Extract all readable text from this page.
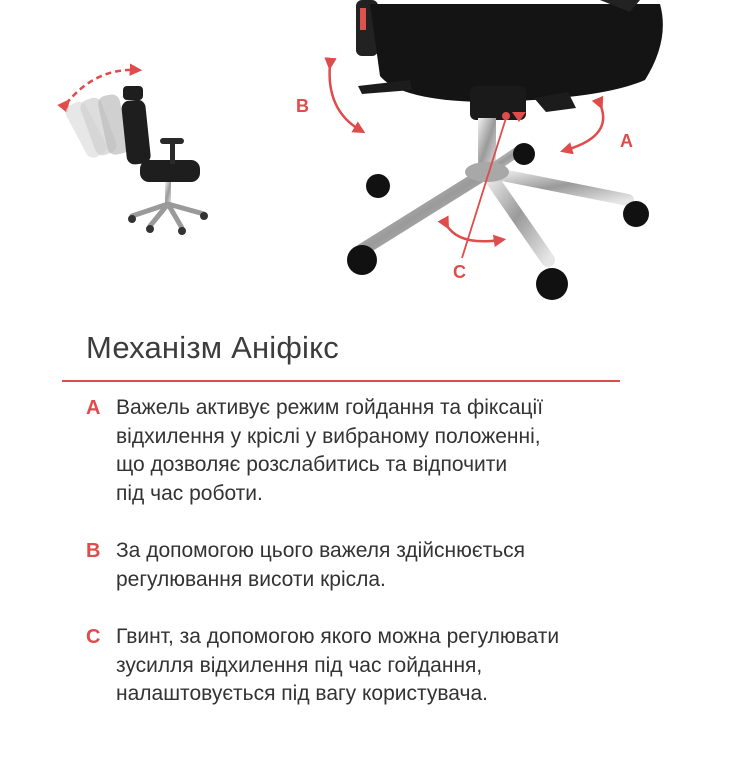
B
A
C
Механізм Аніфікс
A Важель активує режим гойдання та фіксації
відхилення у кріслі у вибраному положенні,
що дозволяє розслабитись та відпочити
під час роботи.
B За допомогою цього важеля здійснюється
регулювання висоти крісла.
C Гвинт, за допомогою якого можна регулювати
зусилля відхилення під час гойдання,
налаштовується під вагу користувача.
